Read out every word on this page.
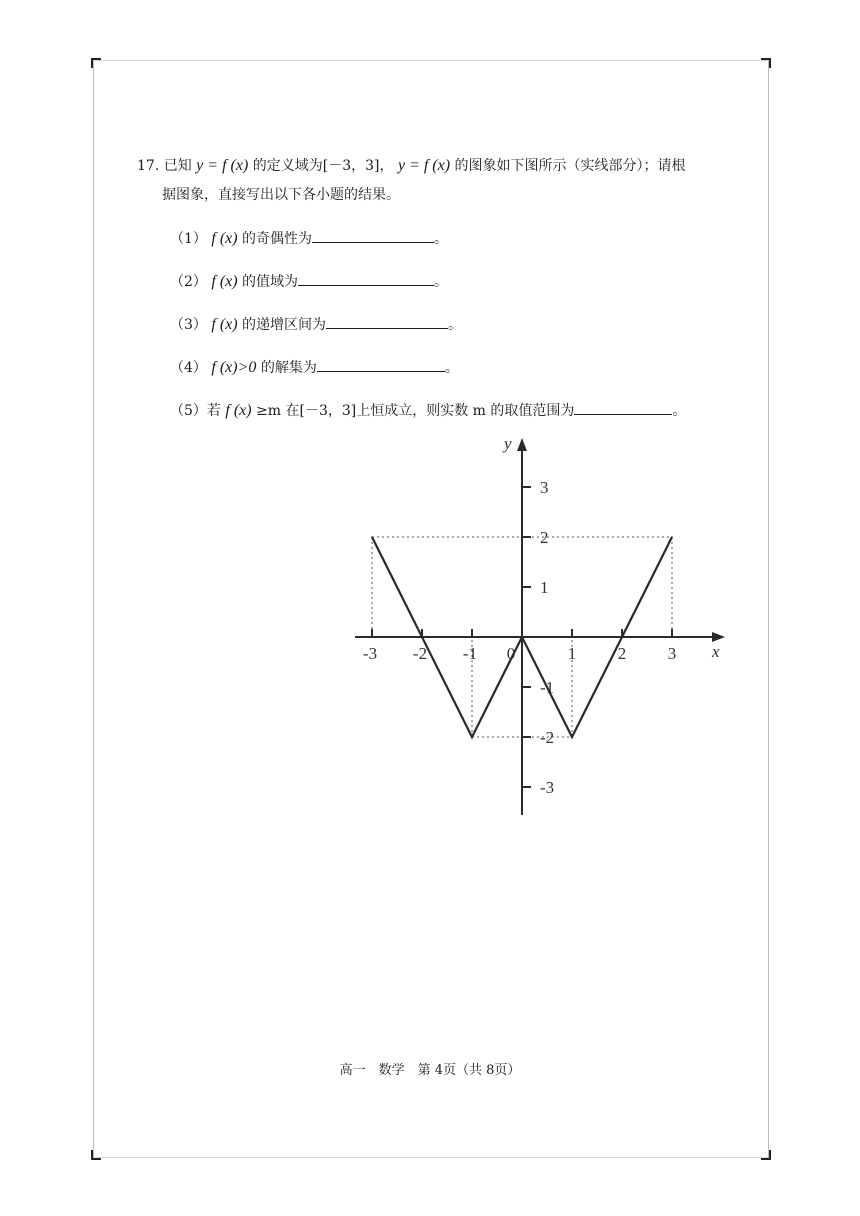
17. 已知 y = f (x) 的定义域为[－3，3]， y = f (x) 的图象如下图所示（实线部分）；请根
据图象，直接写出以下各小题的结果。
（1） f (x) 的奇偶性为	。
（2） f (x) 的值域为	。
（3） f (x) 的递增区间为	。
（4） f (x)>0 的解集为	。
（5）若 f (x) ≥m 在[－3，3]上恒成立，则实数 m 的取值范围为	。
-3 -2 -1 0	1 2 3
3
2
1
-1
-2
-3
x
y
高一　数学　第 4页（共 8页）
